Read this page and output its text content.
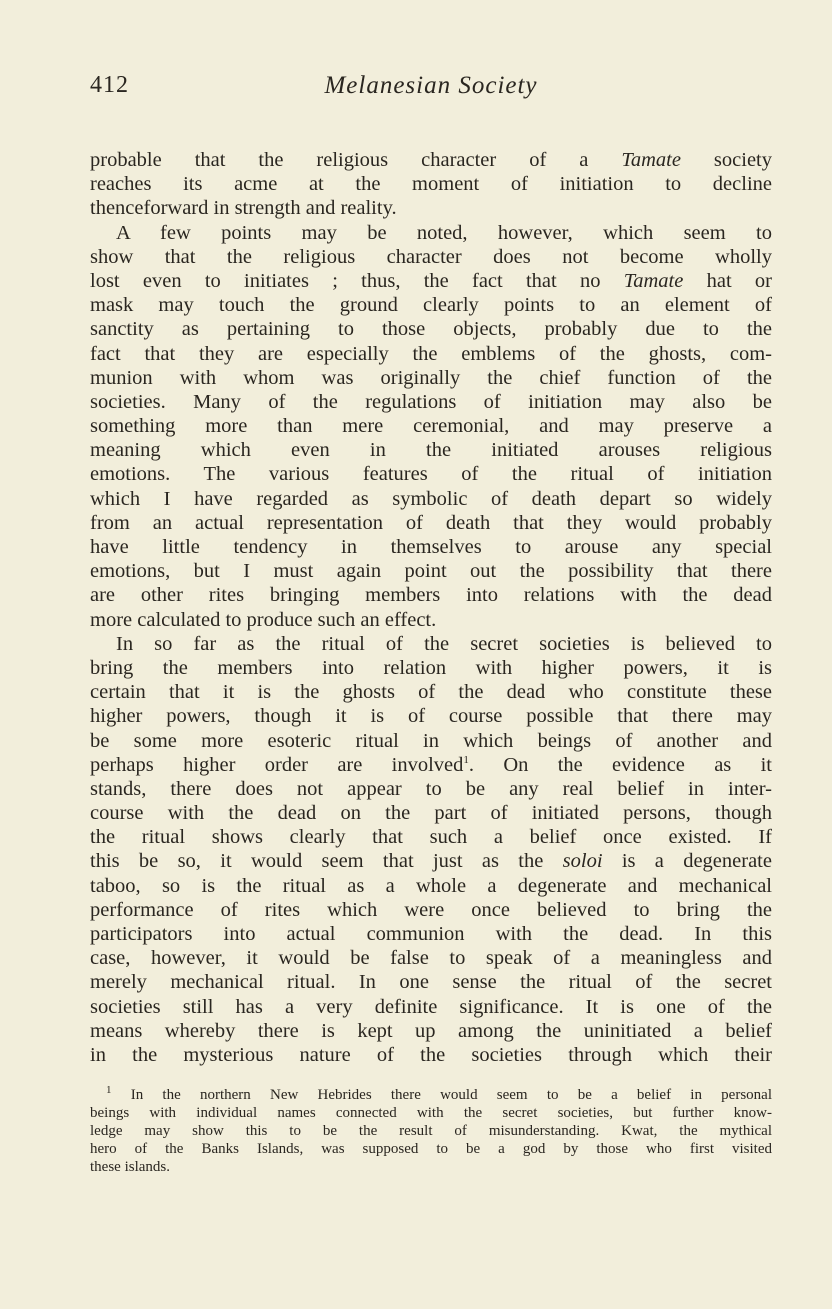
412	Melanesian Society
probable that the religious character of a Tamate society
reaches its acme at the moment of initiation to decline
thenceforward in strength and reality.
A few points may be noted, however, which seem to
show that the religious character does not become wholly
lost even to initiates ; thus, the fact that no Tamate hat or
mask may touch the ground clearly points to an element of
sanctity as pertaining to those objects, probably due to the
fact that they are especially the emblems of the ghosts, com-
munion with whom was originally the chief function of the
societies. Many of the regulations of initiation may also be
something more than mere ceremonial, and may preserve a
meaning which even in the initiated arouses religious
emotions. The various features of the ritual of initiation
which I have regarded as symbolic of death depart so widely
from an actual representation of death that they would probably
have little tendency in themselves to arouse any special
emotions, but I must again point out the possibility that there
are other rites bringing members into relations with the dead
more calculated to produce such an effect.
In so far as the ritual of the secret societies is believed to
bring the members into relation with higher powers, it is
certain that it is the ghosts of the dead who constitute these
higher powers, though it is of course possible that there may
be some more esoteric ritual in which beings of another and
perhaps higher order are involved$^1$. On the evidence as it
stands, there does not appear to be any real belief in inter-
course with the dead on the part of initiated persons, though
the ritual shows clearly that such a belief once existed. If
this be so, it would seem that just as the soloi is a degenerate
taboo, so is the ritual as a whole a degenerate and mechanical
performance of rites which were once believed to bring the
participators into actual communion with the dead. In this
case, however, it would be false to speak of a meaningless and
merely mechanical ritual. In one sense the ritual of the secret
societies still has a very definite significance. It is one of the
means whereby there is kept up among the uninitiated a belief
in the mysterious nature of the societies through which their
$^1$ In the northern New Hebrides there would seem to be a belief in personal
beings with individual names connected with the secret societies, but further know-
ledge may show this to be the result of misunderstanding. Kwat, the mythical
hero of the Banks Islands, was supposed to be a god by those who first visited
these islands.
